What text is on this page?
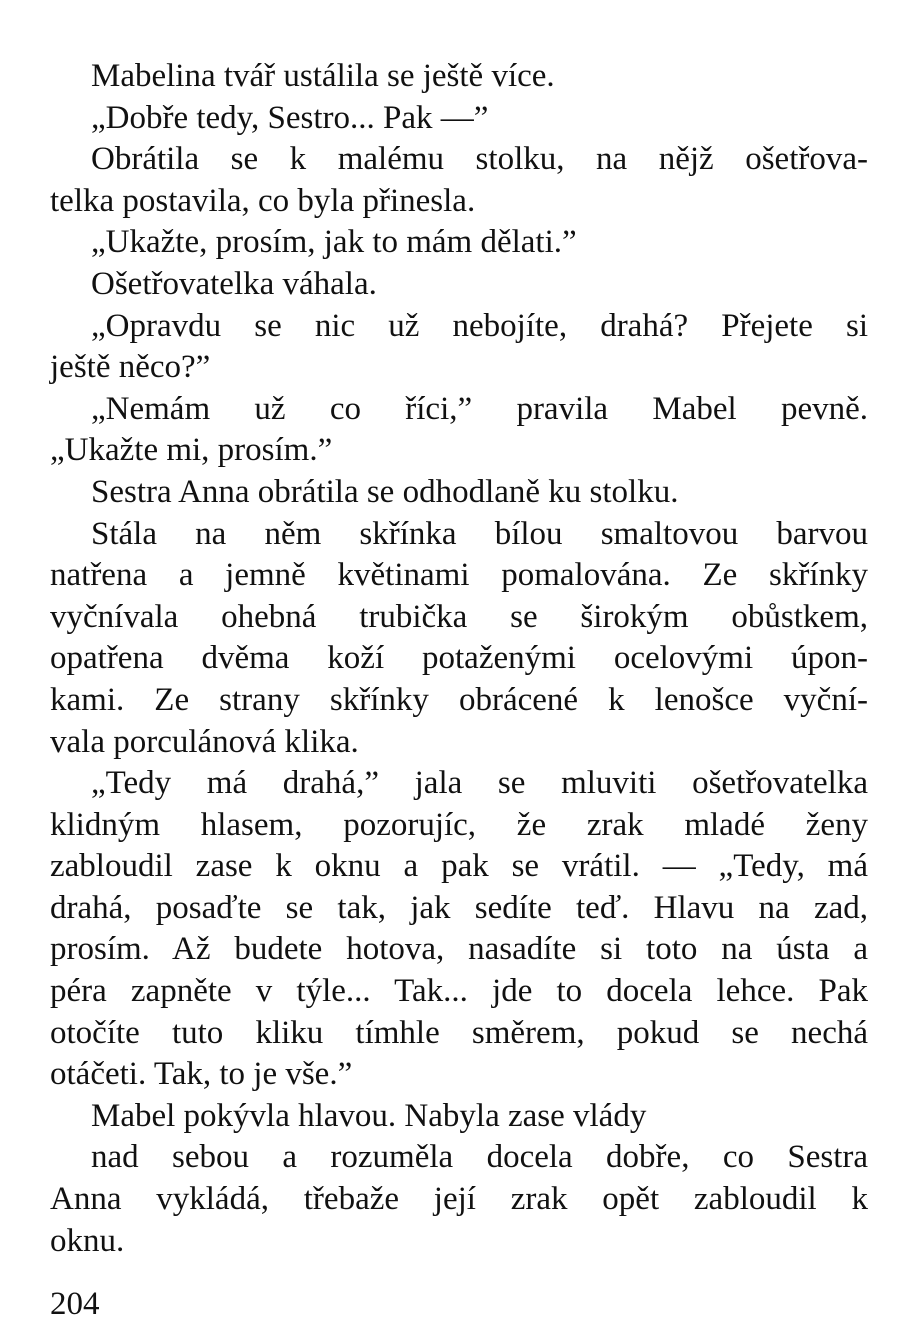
Mabelina tvář ustálila se ještě více.
„Dobře tedy, Sestro... Pak —”
Obrátila se k malému stolku, na nějž ošetřova-
telka postavila, co byla přinesla.
„Ukažte, prosím, jak to mám dělati.”
Ošetřovatelka váhala.
„Opravdu se nic už nebojíte, drahá? Přejete si
ještě něco?”
„Nemám už co říci,” pravila Mabel pevně.
„Ukažte mi, prosím.”
Sestra Anna obrátila se odhodlaně ku stolku.
Stála na něm skřínka bílou smaltovou barvou
natřena a jemně květinami pomalována. Ze skřínky
vyčnívala ohebná trubička se širokým obůstkem,
opatřena dvěma koží potaženými ocelovými úpon-
kami. Ze strany skřínky obrácené k lenošce vyční-
vala porculánová klika.
„Tedy má drahá,” jala se mluviti ošetřovatelka
klidným hlasem, pozorujíc, že zrak mladé ženy
zabloudil zase k oknu a pak se vrátil. — „Tedy, má
drahá, posaďte se tak, jak sedíte teď. Hlavu na zad,
prosím. Až budete hotova, nasadíte si toto na ústa a
péra zapněte v týle... Tak... jde to docela lehce. Pak
otočíte tuto kliku tímhle směrem, pokud se nechá
otáčeti. Tak, to je vše.”
Mabel pokývla hlavou. Nabyla zase vlády
nad sebou a rozuměla docela dobře, co Sestra
Anna vykládá, třebaže její zrak opět zabloudil k
oknu.
204
